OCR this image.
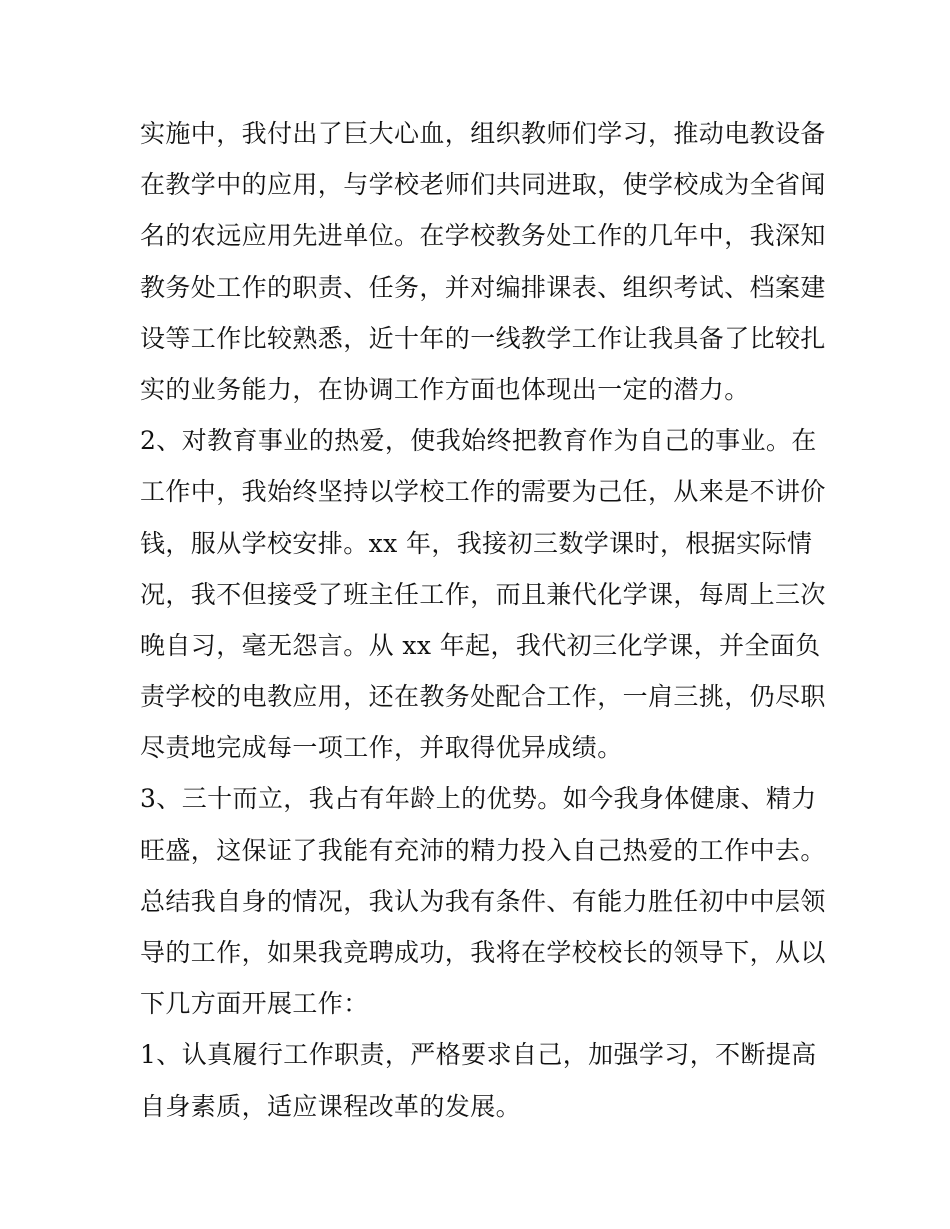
实施中，我付出了巨大心血，组织教师们学习，推动电教设备
在教学中的应用，与学校老师们共同进取，使学校成为全省闻
名的农远应用先进单位。在学校教务处工作的几年中，我深知
教务处工作的职责、任务，并对编排课表、组织考试、档案建
设等工作比较熟悉，近十年的一线教学工作让我具备了比较扎
实的业务能力，在协调工作方面也体现出一定的潜力。
2、对教育事业的热爱，使我始终把教育作为自己的事业。在
工作中，我始终坚持以学校工作的需要为己任，从来是不讲价
钱，服从学校安排。xx 年，我接初三数学课时，根据实际情
况，我不但接受了班主任工作，而且兼代化学课，每周上三次
晚自习，毫无怨言。从 xx 年起，我代初三化学课，并全面负
责学校的电教应用，还在教务处配合工作，一肩三挑，仍尽职
尽责地完成每一项工作，并取得优异成绩。
3、三十而立，我占有年龄上的优势。如今我身体健康、精力
旺盛，这保证了我能有充沛的精力投入自己热爱的工作中去。
总结我自身的情况，我认为我有条件、有能力胜任初中中层领
导的工作，如果我竞聘成功，我将在学校校长的领导下，从以
下几方面开展工作：
1、认真履行工作职责，严格要求自己，加强学习，不断提高
自身素质，适应课程改革的发展。
